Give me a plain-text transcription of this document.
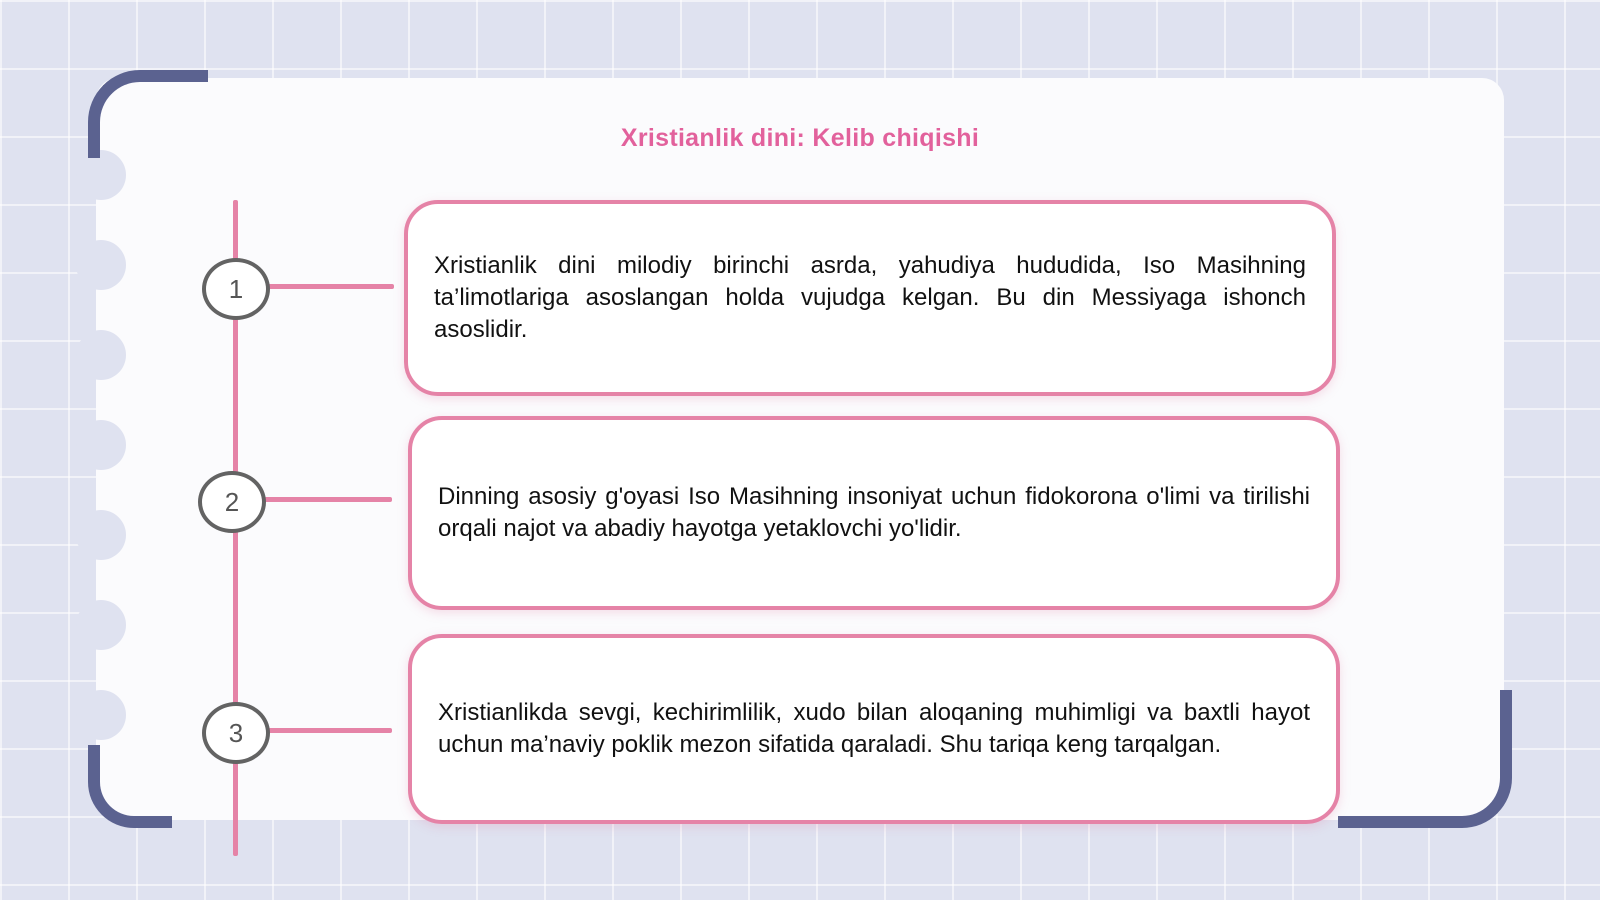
Xristianlik dini: Kelib chiqishi
1
2
3

Xristianlik dini milodiy birinchi asrda, yahudiya hududida, Iso Masihning ta’limotlariga asoslangan holda vujudga kelgan. Bu din Messiyaga ishonch asoslidir.

Dinning asosiy g'oyasi Iso Masihning insoniyat uchun fidokorona o'limi va tirilishi orqali najot va abadiy hayotga yetaklovchi yo'lidir.

Xristianlikda sevgi, kechirimlilik, xudo bilan aloqaning muhimligi va baxtli hayot uchun ma’naviy poklik mezon sifatida qaraladi. Shu tariqa keng tarqalgan.
